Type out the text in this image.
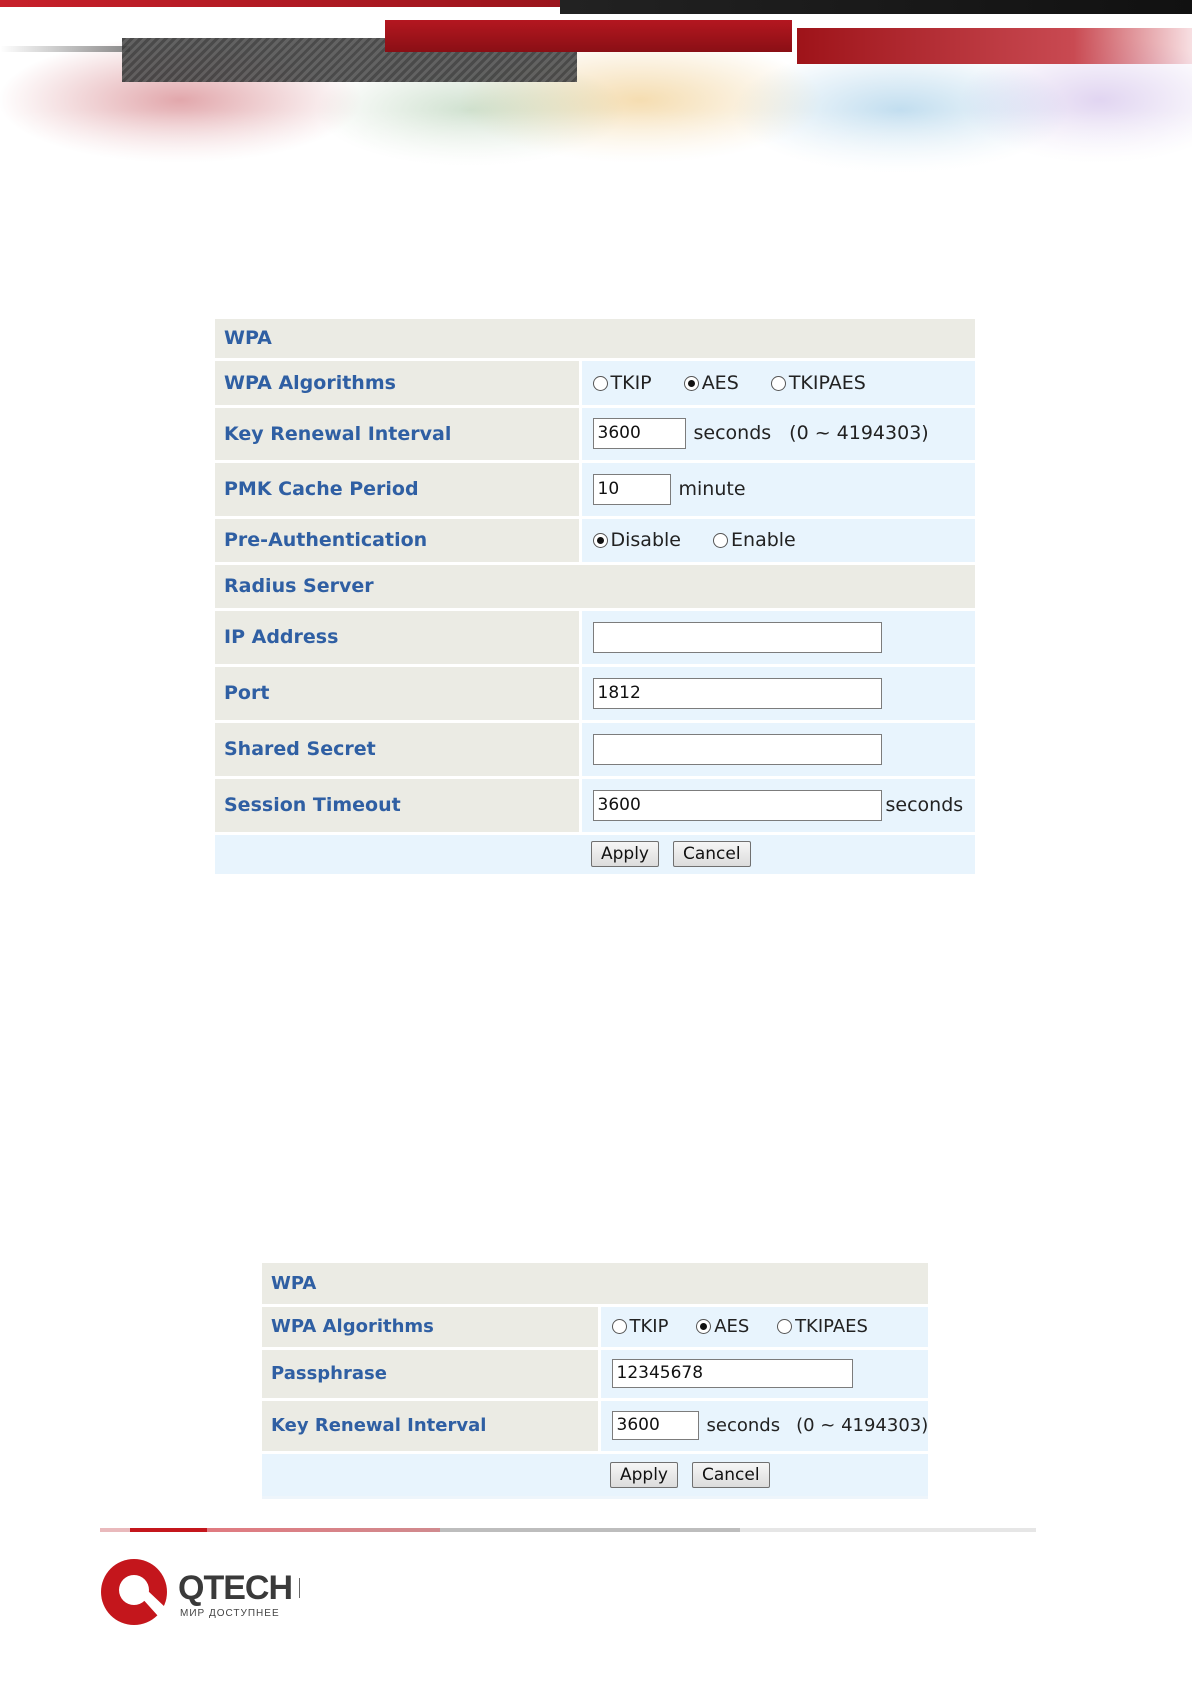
WPA	
WPA Algorithms	TKIP AES TKIPAES
Key Renewal Interval	3600 seconds (0 ~ 4194303)
PMK Cache Period	10 minute
Pre-Authentication	Disable Enable
Radius Server	
IP Address	
Port	1812
Shared Secret	
Session Timeout	3600 seconds
	Apply Cancel
WPA	
WPA Algorithms	TKIP AES TKIPAES
Passphrase	12345678
Key Renewal Interval	3600 seconds (0 ~ 4194303)
	Apply Cancel
QTECH
МИР ДОСТУПНЕЕ
